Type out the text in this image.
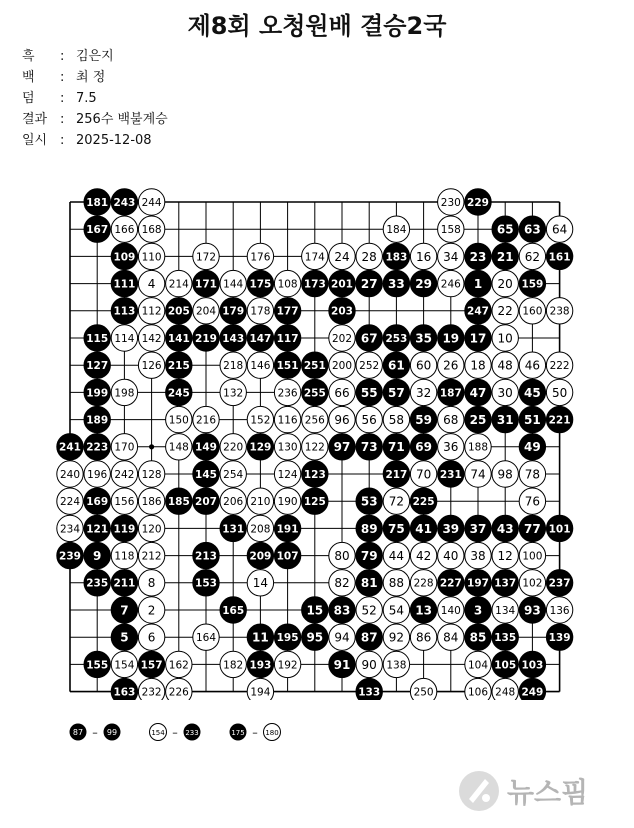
제8회 오청원배 결승2국
흑 : 김은지
백 : 최 정
덤 : 7.5
결과 : 256수 백불계승
일시 : 2025-12-08
181 243 244	230 229
167 166 168	184	158	65 63 64
109 110	172	176	174 24 28 183 16 34 23 21 62 161
111 4 214 171 144 175 108 173 201 27 33 29 246 1 20 159
113 112 205 204 179 178 177	203	247 22 160 238
115 114 142 141 219 143 147 117	202 67 253 35 19 17 10
127	126 215	218 146 151 251 200 252 61 60 26 18 48 46 222
199 198	245	132	236 255 66 55 57 32 187 47 30 45 50
189	150 216	152 116 256 96 56 58 59 68 25 31 51 221
241 223 170	148 149 220 129 130 122 97 73 71 69 36 188	49
240 196 242 128	145 254	124 123	217 70 231 74 98 78
224 169 156 186 185 207 206 210 190 125	53 72 225	76
234 121 119 120	131 208 191	89 75 41 39 37 43 77 101
239 9 118 212	213	209 107	80 79 44 42 40 38 12 100
235 211 8	153	14	82 81 88 228 227 197 137 102 237
7 2	165	15 83 52 54 13 140 3 134 93 136
5 6	164	11 195 95 94 87 92 86 84 85 135	139
155 154 157 162	182 193 192	91 90 138	104 105 103
163 232 226	194	133	250	106 248 249
87 – 99	154 – 233	175 – 180
뉴스핌
